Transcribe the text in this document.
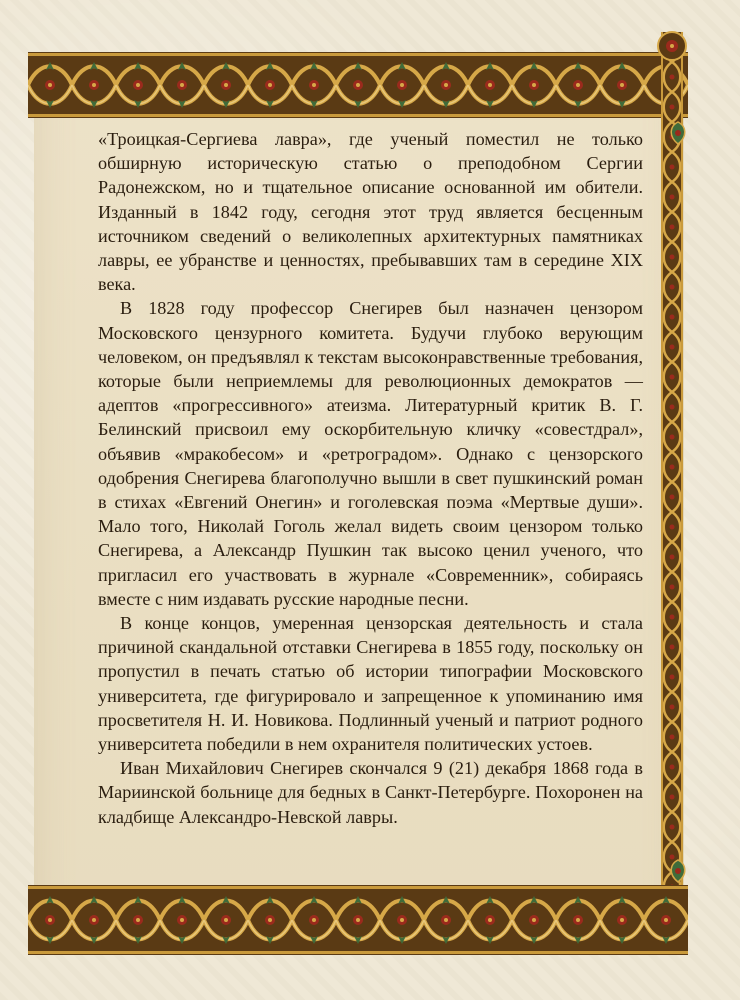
«Троицкая-Сергиева лавра», где ученый поместил не только обширную историческую статью о преподобном Сергии Радонежском, но и тщательное описание основанной им обители. Изданный в 1842 году, сегодня этот труд является бесценным источником сведений о великолепных архитектурных памятниках лавры, ее убранстве и ценностях, пребывавших там в середине XIX века.

В 1828 году профессор Снегирев был назначен цензором Московского цензурного комитета. Будучи глубоко верующим человеком, он предъявлял к текстам высоконравственные требования, которые были неприемлемы для революционных демократов — адептов «прогрессивного» атеизма. Литературный критик В. Г. Белинский присвоил ему оскорбительную кличку «совестдрал», объявив «мракобесом» и «ретроградом». Однако с цензорского одобрения Снегирева благополучно вышли в свет пушкинский роман в стихах «Евгений Онегин» и гоголевская поэма «Мертвые души». Мало того, Николай Гоголь желал видеть своим цензором только Снегирева, а Александр Пушкин так высоко ценил ученого, что пригласил его участвовать в журнале «Современник», собираясь вместе с ним издавать русские народные песни.

В конце концов, умеренная цензорская деятельность и стала причиной скандальной отставки Снегирева в 1855 году, поскольку он пропустил в печать статью об истории типографии Московского университета, где фигурировало и запрещенное к упоминанию имя просветителя Н. И. Новикова. Подлинный ученый и патриот родного университета победили в нем охранителя политических устоев.

Иван Михайлович Снегирев скончался 9 (21) декабря 1868 года в Мариинской больнице для бедных в Санкт-Петербурге. Похоронен на кладбище Александро-Невской лавры.
